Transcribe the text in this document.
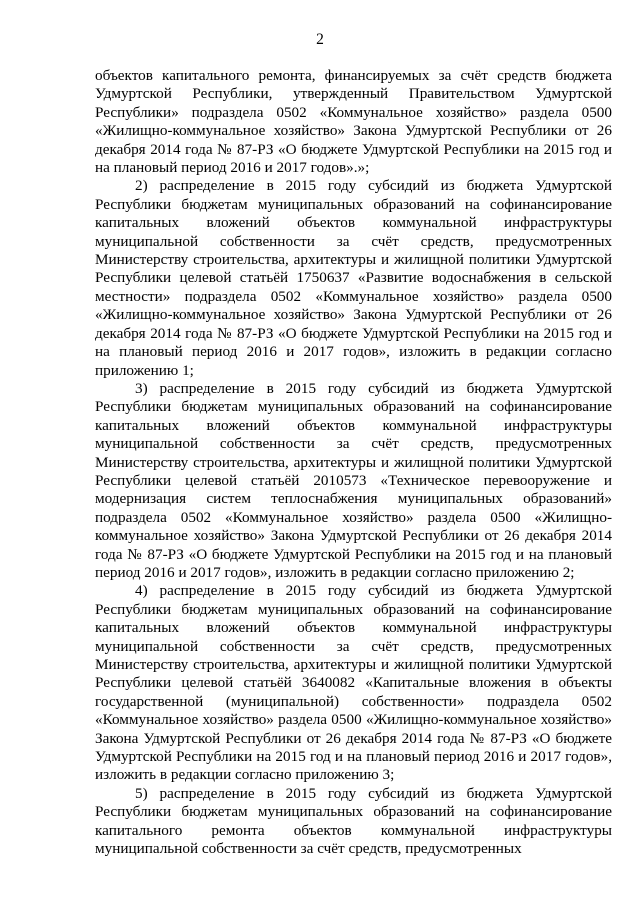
2

объектов капитального ремонта, финансируемых за счёт средств бюджета Удмуртской Республики, утвержденный Правительством Удмуртской Республики» подраздела 0502 «Коммунальное хозяйство» раздела 0500 «Жилищно-коммунальное хозяйство» Закона Удмуртской Республики от 26 декабря 2014 года № 87-РЗ «О бюджете Удмуртской Республики на 2015 год и на плановый период 2016 и 2017 годов».»;

2) распределение в 2015 году субсидий из бюджета Удмуртской Республики бюджетам муниципальных образований на софинансирование капитальных вложений объектов коммунальной инфраструктуры муниципальной собственности за счёт средств, предусмотренных Министерству строительства, архитектуры и жилищной политики Удмуртской Республики целевой статьёй 1750637 «Развитие водоснабжения в сельской местности» подраздела 0502 «Коммунальное хозяйство» раздела 0500 «Жилищно-коммунальное хозяйство» Закона Удмуртской Республики от 26 декабря 2014 года № 87-РЗ «О бюджете Удмуртской Республики на 2015 год и на плановый период 2016 и 2017 годов», изложить в редакции согласно приложению 1;

3) распределение в 2015 году субсидий из бюджета Удмуртской Республики бюджетам муниципальных образований на софинансирование капитальных вложений объектов коммунальной инфраструктуры муниципальной собственности за счёт средств, предусмотренных Министерству строительства, архитектуры и жилищной политики Удмуртской Республики целевой статьёй 2010573 «Техническое перевооружение и модернизация систем теплоснабжения муниципальных образований» подраздела 0502 «Коммунальное хозяйство» раздела 0500 «Жилищно-коммунальное хозяйство» Закона Удмуртской Республики от 26 декабря 2014 года № 87-РЗ «О бюджете Удмуртской Республики на 2015 год и на плановый период 2016 и 2017 годов», изложить в редакции согласно приложению 2;

4) распределение в 2015 году субсидий из бюджета Удмуртской Республики бюджетам муниципальных образований на софинансирование капитальных вложений объектов коммунальной инфраструктуры муниципальной собственности за счёт средств, предусмотренных Министерству строительства, архитектуры и жилищной политики Удмуртской Республики целевой статьёй 3640082 «Капитальные вложения в объекты государственной (муниципальной) собственности» подраздела 0502 «Коммунальное хозяйство» раздела 0500 «Жилищно-коммунальное хозяйство» Закона Удмуртской Республики от 26 декабря 2014 года № 87-РЗ «О бюджете Удмуртской Республики на 2015 год и на плановый период 2016 и 2017 годов», изложить в редакции согласно приложению 3;

5) распределение в 2015 году субсидий из бюджета Удмуртской Республики бюджетам муниципальных образований на софинансирование капитального ремонта объектов коммунальной инфраструктуры муниципальной собственности за счёт средств, предусмотренных
